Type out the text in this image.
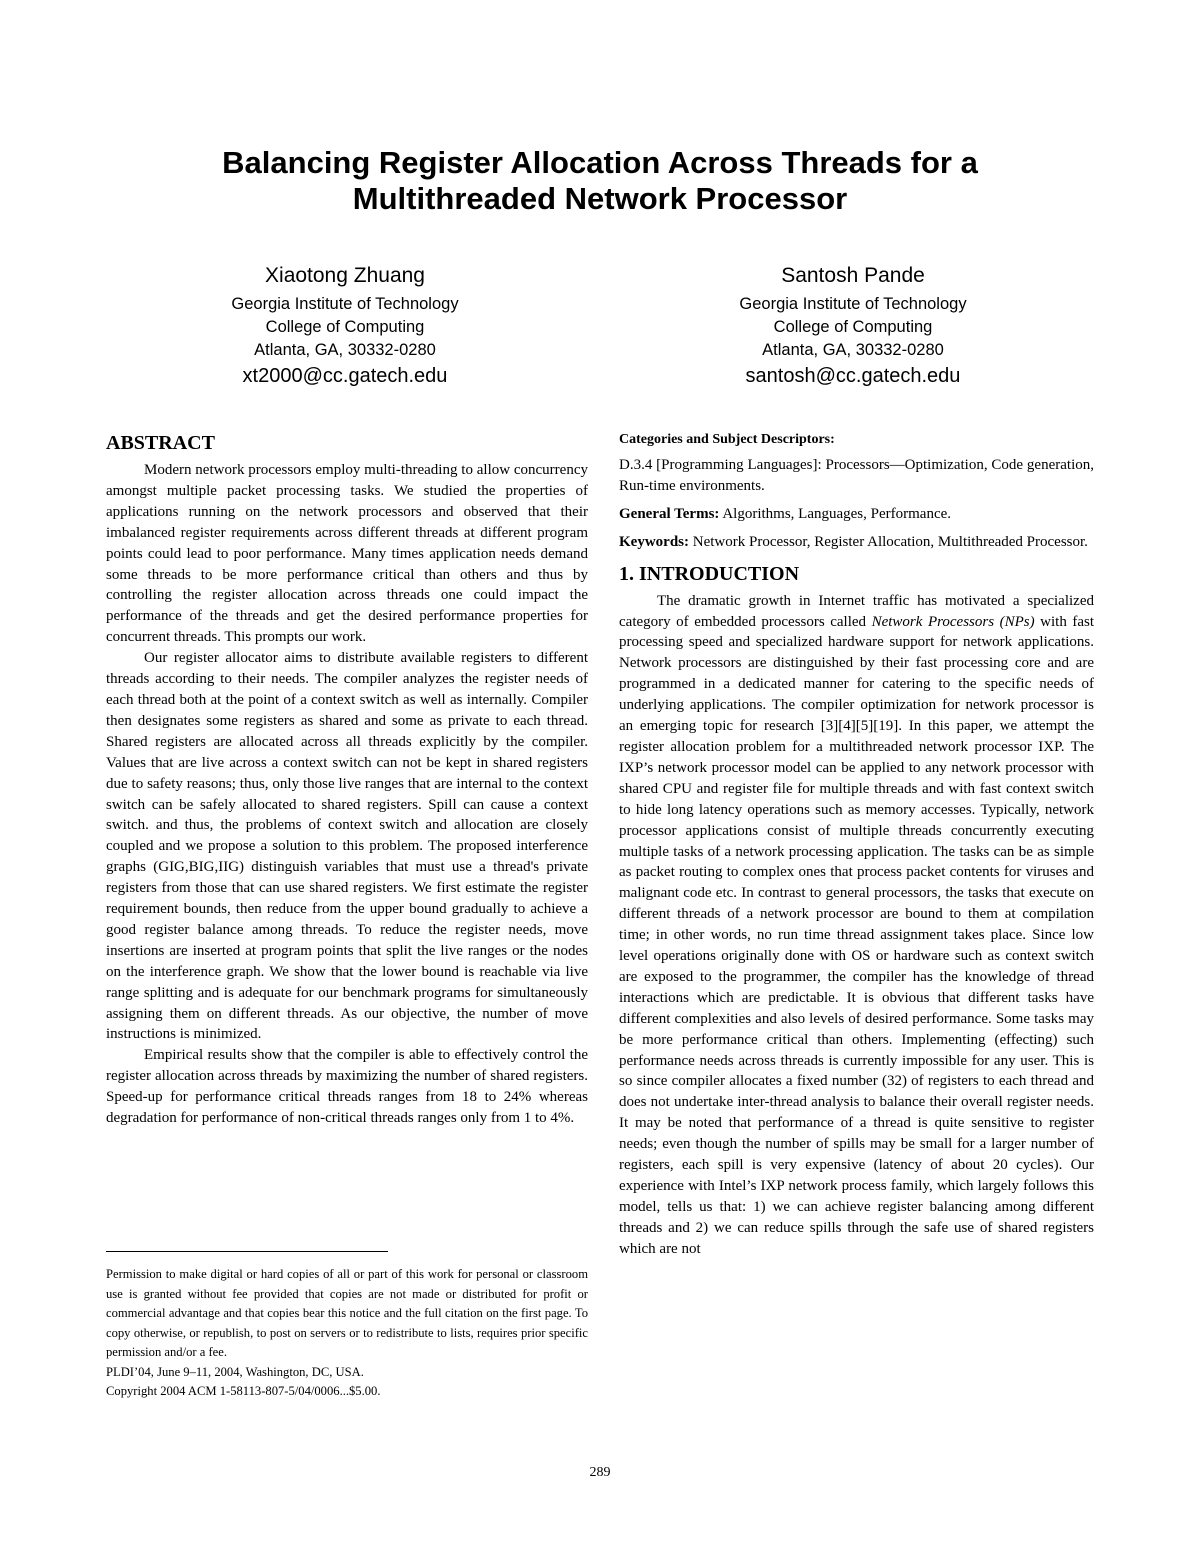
Balancing Register Allocation Across Threads for a
Multithreaded Network Processor
Xiaotong Zhuang
Georgia Institute of Technology
College of Computing
Atlanta, GA, 30332-0280
xt2000@cc.gatech.edu
Santosh Pande
Georgia Institute of Technology
College of Computing
Atlanta, GA, 30332-0280
santosh@cc.gatech.edu
ABSTRACT

Modern network processors employ multi-threading to allow concurrency amongst multiple packet processing tasks. We studied the properties of applications running on the network processors and observed that their imbalanced register requirements across different threads at different program points could lead to poor performance. Many times application needs demand some threads to be more performance critical than others and thus by controlling the register allocation across threads one could impact the performance of the threads and get the desired performance properties for concurrent threads. This prompts our work.

Our register allocator aims to distribute available registers to different threads according to their needs. The compiler analyzes the register needs of each thread both at the point of a context switch as well as internally. Compiler then designates some registers as shared and some as private to each thread. Shared registers are allocated across all threads explicitly by the compiler. Values that are live across a context switch can not be kept in shared registers due to safety reasons; thus, only those live ranges that are internal to the context switch can be safely allocated to shared registers. Spill can cause a context switch. and thus, the problems of context switch and allocation are closely coupled and we propose a solution to this problem. The proposed interference graphs (GIG,BIG,IIG) distinguish variables that must use a thread's private registers from those that can use shared registers. We first estimate the register requirement bounds, then reduce from the upper bound gradually to achieve a good register balance among threads. To reduce the register needs, move insertions are inserted at program points that split the live ranges or the nodes on the interference graph. We show that the lower bound is reachable via live range splitting and is adequate for our benchmark programs for simultaneously assigning them on different threads. As our objective, the number of move instructions is minimized.

Empirical results show that the compiler is able to effectively control the register allocation across threads by maximizing the number of shared registers. Speed-up for performance critical threads ranges from 18 to 24% whereas degradation for performance of non-critical threads ranges only from 1 to 4%.

Permission to make digital or hard copies of all or part of this work for personal or classroom use is granted without fee provided that copies are not made or distributed for profit or commercial advantage and that copies bear this notice and the full citation on the first page. To copy otherwise, or republish, to post on servers or to redistribute to lists, requires prior specific permission and/or a fee.

PLDI’04, June 9–11, 2004, Washington, DC, USA.

Copyright 2004 ACM 1-58113-807-5/04/0006...$5.00.

Categories and Subject Descriptors:

D.3.4 [Programming Languages]: Processors—Optimization, Code generation, Run-time environments.

General Terms: Algorithms, Languages, Performance.

Keywords: Network Processor, Register Allocation, Multithreaded Processor.

1. INTRODUCTION

The dramatic growth in Internet traffic has motivated a specialized category of embedded processors called Network Processors (NPs) with fast processing speed and specialized hardware support for network applications. Network processors are distinguished by their fast processing core and are programmed in a dedicated manner for catering to the specific needs of underlying applications. The compiler optimization for network processor is an emerging topic for research [3][4][5][19]. In this paper, we attempt the register allocation problem for a multithreaded network processor IXP. The IXP’s network processor model can be applied to any network processor with shared CPU and register file for multiple threads and with fast context switch to hide long latency operations such as memory accesses. Typically, network processor applications consist of multiple threads concurrently executing multiple tasks of a network processing application. The tasks can be as simple as packet routing to complex ones that process packet contents for viruses and malignant code etc. In contrast to general processors, the tasks that execute on different threads of a network processor are bound to them at compilation time; in other words, no run time thread assignment takes place. Since low level operations originally done with OS or hardware such as context switch are exposed to the programmer, the compiler has the knowledge of thread interactions which are predictable. It is obvious that different tasks have different complexities and also levels of desired performance. Some tasks may be more performance critical than others. Implementing (effecting) such performance needs across threads is currently impossible for any user. This is so since compiler allocates a fixed number (32) of registers to each thread and does not undertake inter-thread analysis to balance their overall register needs. It may be noted that performance of a thread is quite sensitive to register needs; even though the number of spills may be small for a larger number of registers, each spill is very expensive (latency of about 20 cycles). Our experience with Intel’s IXP network process family, which largely follows this model, tells us that: 1) we can achieve register balancing among different threads and 2) we can reduce spills through the safe use of shared registers which are not

289
